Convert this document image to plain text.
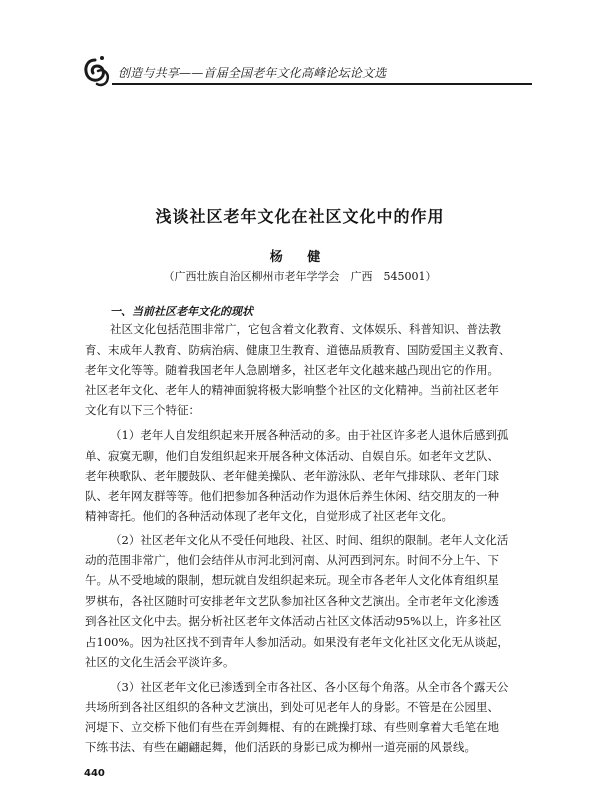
创造与共享——首届全国老年文化高峰论坛论文选
浅谈社区老年文化在社区文化中的作用
杨 健
（广西壮族自治区柳州市老年学学会　广西　545001）
一、当前社区老年文化的现状
社区文化包括范围非常广，它包含着文化教育、文体娱乐、科普知识、普法教
育、末成年人教育、防病治病、健康卫生教育、道德品质教育、国防爱国主义教育、
老年文化等等。随着我国老年人急剧增多，社区老年文化越来越凸现出它的作用。
社区老年文化、老年人的精神面貌将极大影响整个社区的文化精神。当前社区老年
文化有以下三个特征：
（1）老年人自发组织起来开展各种活动的多。由于社区许多老人退休后感到孤
单、寂寞无聊，他们自发组织起来开展各种文体活动、自娱自乐。如老年文艺队、
老年秧歌队、老年腰鼓队、老年健美操队、老年游泳队、老年气排球队、老年门球
队、老年网友群等等。他们把参加各种活动作为退休后养生休闲、结交朋友的一种
精神寄托。他们的各种活动体现了老年文化，自觉形成了社区老年文化。
（2）社区老年文化从不受任何地段、社区、时间、组织的限制。老年人文化活
动的范围非常广，他们会结伴从市河北到河南、从河西到河东。时间不分上午、下
午。从不受地域的限制，想玩就自发组织起来玩。现全市各老年人文化体育组织星
罗棋布，各社区随时可安排老年文艺队参加社区各种文艺演出。全市老年文化渗透
到各社区文化中去。据分析社区老年文体活动占社区文体活动95%以上，许多社区
占100%。因为社区找不到青年人参加活动。如果没有老年文化社区文化无从谈起，
社区的文化生活会平淡许多。
（3）社区老年文化已渗透到全市各社区、各小区每个角落。从全市各个露天公
共场所到各社区组织的各种文艺演出，到处可见老年人的身影。不管是在公园里、
河堤下、立交桥下他们有些在弄剑舞棍、有的在跳操打球、有些则拿着大毛笔在地
下练书法、有些在翩翩起舞，他们活跃的身影已成为柳州一道亮丽的风景线。
440
